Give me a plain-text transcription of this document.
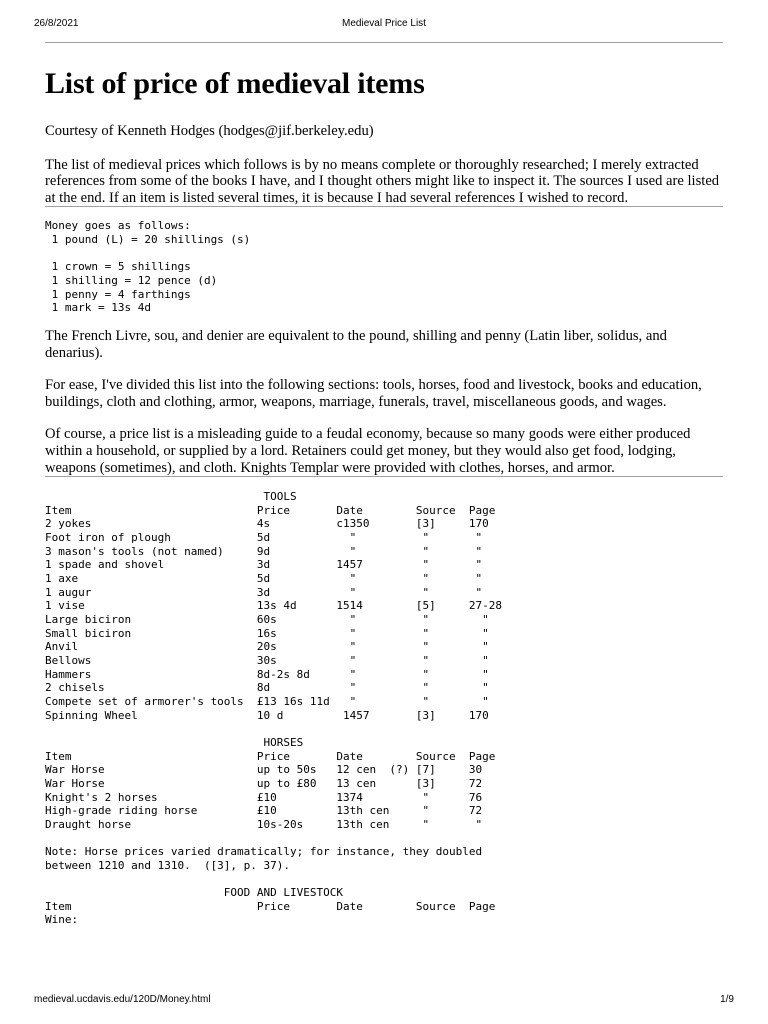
26/8/2021	Medieval Price List
List of price of medieval items

Courtesy of Kenneth Hodges (hodges@jif.berkeley.edu)

The list of medieval prices which follows is by no means complete or thoroughly researched; I merely extracted references from some of the books I have, and I thought others might like to inspect it. The sources I used are listed at the end. If an item is listed several times, it is because I had several references I wished to record.

Money goes as follows:
1 pound (L) = 20 shillings (s)

1 crown = 5 shillings
1 shilling = 12 pence (d)
1 penny = 4 farthings
1 mark = 13s 4d

The French Livre, sou, and denier are equivalent to the pound, shilling and penny (Latin liber, solidus, and denarius).

For ease, I've divided this list into the following sections: tools, horses, food and livestock, books and education, buildings, cloth and clothing, armor, weapons, marriage, funerals, travel, miscellaneous goods, and wages.

Of course, a price list is a misleading guide to a feudal economy, because so many goods were either produced within a household, or supplied by a lord. Retainers could get money, but they would also get food, lodging, weapons (sometimes), and cloth. Knights Templar were provided with clothes, horses, and armor.

TOOLS
Item                            Price       Date        Source  Page
2 yokes                         4s          c1350       [3]     170
Foot iron of plough             5d            "          "       "
3 mason's tools (not named)     9d            "          "       "
1 spade and shovel              3d          1457         "       "
1 axe                           5d            "          "       "
1 augur                         3d            "          "       "
1 vise                          13s 4d      1514        [5]     27-28
Large biciron                   60s           "          "        "
Small biciron                   16s           "          "        "
Anvil                           20s           "          "        "
Bellows                         30s           "          "        "
Hammers                         8d-2s 8d      "          "        "
2 chisels                       8d            "          "        "
Compete set of armorer's tools  £13 16s 11d   "          "        "
Spinning Wheel                  10 d         1457       [3]     170

HORSES
Item                            Price       Date        Source  Page
War Horse                       up to 50s   12 cen  (?) [7]     30
War Horse                       up to £80   13 cen      [3]     72
Knight's 2 horses               £10         1374         "      76
High-grade riding horse         £10         13th cen     "      72
Draught horse                   10s-20s     13th cen     "       "

Note: Horse prices varied dramatically; for instance, they doubled
between 1210 and 1310.  ([3], p. 37).

FOOD AND LIVESTOCK
Item                            Price       Date        Source  Page
Wine:
medieval.ucdavis.edu/120D/Money.html	1/9
